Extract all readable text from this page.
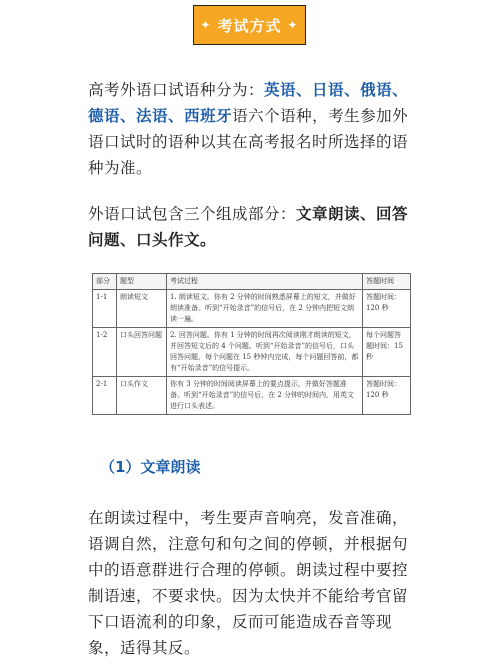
✦ 考试方式 ✦
高考外语口试语种分为：英语、日语、俄语、德语、法语、西班牙语六个语种，考生参加外语口试时的语种以其在高考报名时所选择的语种为准。
外语口试包含三个组成部分：文章朗读、回答问题、口头作文。
部分	题型	考试过程	答题时间
1-1	朗读短文	1. 朗读短文。你有 2 分钟的时间熟悉屏幕上的短文，并做好朗读准备。听到“开始录音”的信号后，在 2 分钟内把短文朗读一遍。	答题时间：120 秒
1-2	口头回答问题	2. 回答问题。你有 1 分钟的时间再次阅读刚才朗读的短文，并回答短文后的 4 个问题。听到“开始录音”的信号后，口头回答问题，每个问题在 15 秒钟内完成，每个问题回答前，都有“开始录音”的信号提示。	每个问题答题时间：15 秒
2-1	口头作文	你有 3 分钟的时间阅读屏幕上的要点提示，并做好答题准备。听到“开始录音”的信号后，在 2 分钟的时间内，用英文进行口头表述。	答题时间：120 秒
（1）文章朗读
在朗读过程中，考生要声音响亮，发音准确，语调自然，注意句和句之间的停顿，并根据句中的语意群进行合理的停顿。朗读过程中要控制语速，不要求快。因为太快并不能给考官留下口语流利的印象，反而可能造成吞音等现象，适得其反。
